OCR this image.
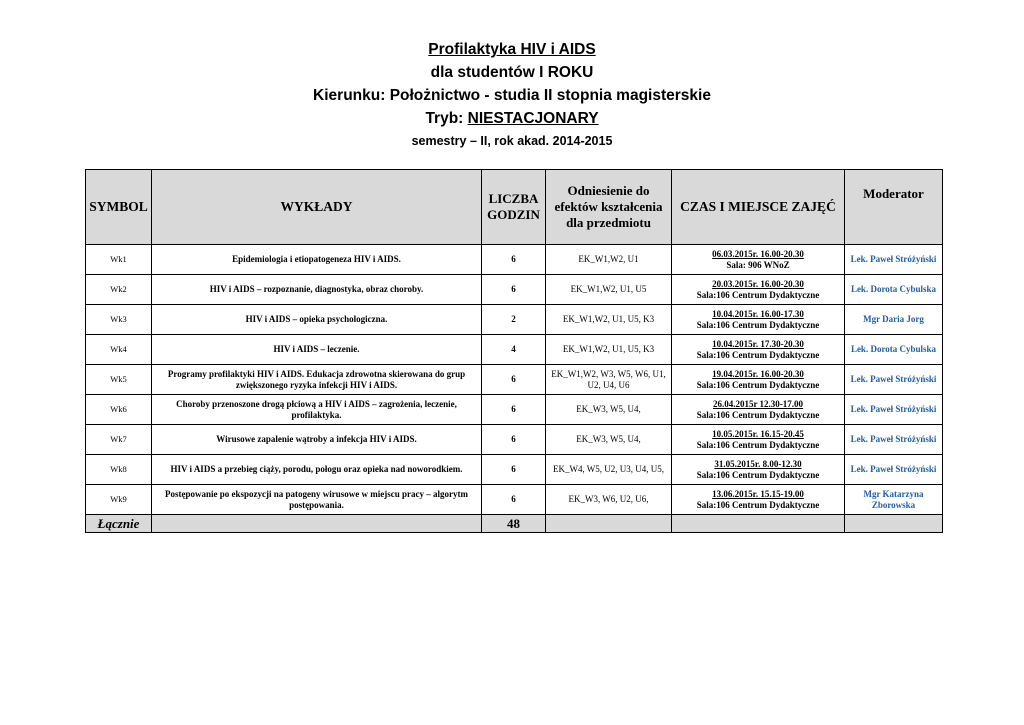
Profilaktyka HIV i AIDS
dla studentów I ROKU
Kierunku: Położnictwo - studia II stopnia magisterskie
Tryb: NIESTACJONARY
semestry – II, rok akad. 2014-2015
SYMBOL	WYKŁADY	LICZBA GODZIN	Odniesienie do efektów kształcenia dla przedmiotu	CZAS I MIEJSCE ZAJĘĆ	Moderator
Wk1	Epidemiologia i etiopatogeneza HIV i AIDS.	6	EK_W1,W2, U1	06.03.2015r. 16.00-20.30
Sala: 906 WNoZ	Lek. Paweł Stróżyński
Wk2	HIV i AIDS – rozpoznanie, diagnostyka, obraz choroby.	6	EK_W1,W2, U1, U5	20.03.2015r. 16.00-20.30
Sala:106 Centrum Dydaktyczne	Lek. Dorota Cybulska
Wk3	HIV i AIDS – opieka psychologiczna.	2	EK_W1,W2, U1, U5, K3	10.04.2015r. 16.00-17.30
Sala:106 Centrum Dydaktyczne	Mgr Daria Jorg
Wk4	HIV i AIDS – leczenie.	4	EK_W1,W2, U1, U5, K3	10.04.2015r. 17.30-20.30
Sala:106 Centrum Dydaktyczne	Lek. Dorota Cybulska
Wk5	Programy profilaktyki HIV i AIDS. Edukacja zdrowotna skierowana do grup zwiększonego ryzyka infekcji HIV i AIDS.	6	EK_W1,W2, W3, W5, W6, U1, U2, U4, U6	19.04.2015r. 16.00-20.30
Sala:106 Centrum Dydaktyczne	Lek. Paweł Stróżyński
Wk6	Choroby przenoszone drogą płciową a HIV i AIDS – zagrożenia, leczenie, profilaktyka.	6	EK_W3, W5, U4,	26.04.2015r 12.30-17.00
Sala:106 Centrum Dydaktyczne	Lek. Paweł Stróżyński
Wk7	Wirusowe zapalenie wątroby a infekcja HIV i AIDS.	6	EK_W3, W5, U4,	10.05.2015r. 16.15-20.45
Sala:106 Centrum Dydaktyczne	Lek. Paweł Stróżyński
Wk8	HIV i AIDS a przebieg ciąży, porodu, połogu oraz opieka nad noworodkiem.	6	EK_W4, W5, U2, U3, U4, U5,	31.05.2015r. 8.00-12.30
Sala:106 Centrum Dydaktyczne	Lek. Paweł Stróżyński
Wk9	Postępowanie po ekspozycji na patogeny wirusowe w miejscu pracy – algorytm postępowania.	6	EK_W3, W6, U2, U6,	13.06.2015r. 15.15-19.00
Sala:106 Centrum Dydaktyczne	Mgr Katarzyna Zborowska
Łącznie		48			
